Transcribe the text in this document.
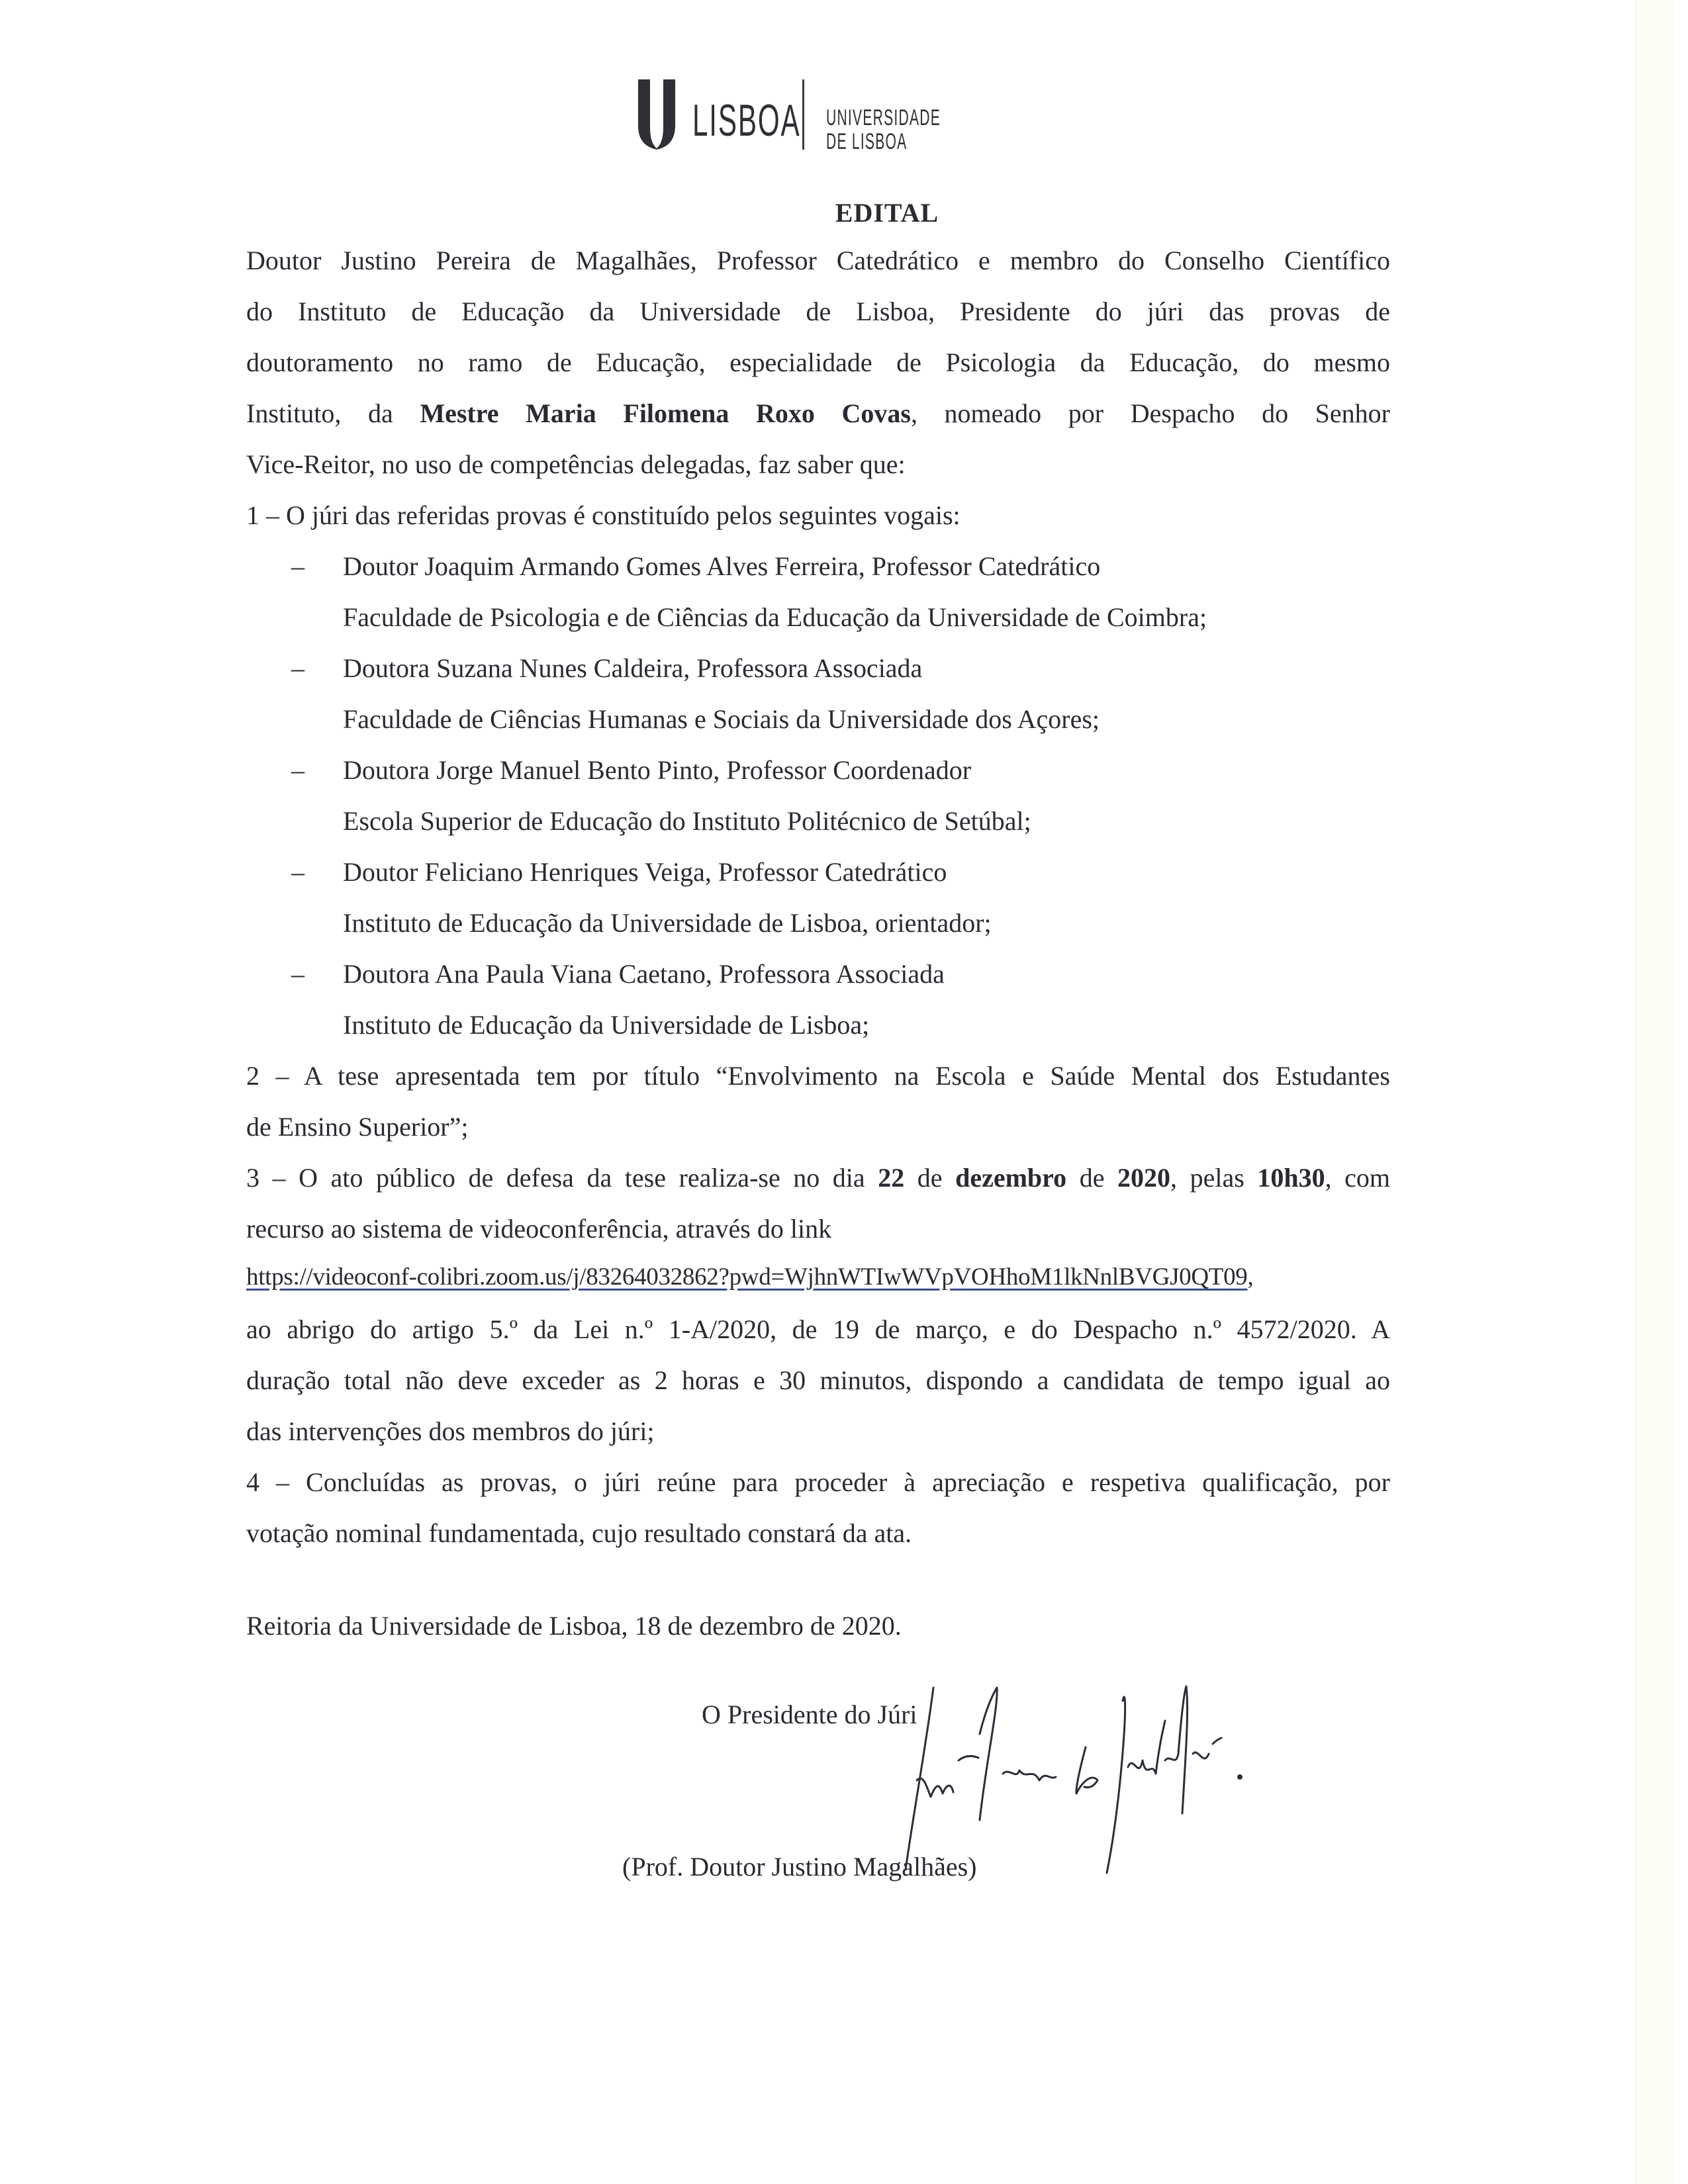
LISBOA UNIVERSIDADE
DE LISBOA
EDITAL
Doutor Justino Pereira de Magalhães, Professor Catedrático e membro do Conselho Científico
do Instituto de Educação da Universidade de Lisboa, Presidente do júri das provas de
doutoramento no ramo de Educação, especialidade de Psicologia da Educação, do mesmo
Instituto, da Mestre Maria Filomena Roxo Covas, nomeado por Despacho do Senhor
Vice-Reitor, no uso de competências delegadas, faz saber que:
1 – O júri das referidas provas é constituído pelos seguintes vogais:
– Doutor Joaquim Armando Gomes Alves Ferreira, Professor Catedrático
Faculdade de Psicologia e de Ciências da Educação da Universidade de Coimbra;
– Doutora Suzana Nunes Caldeira, Professora Associada
Faculdade de Ciências Humanas e Sociais da Universidade dos Açores;
– Doutora Jorge Manuel Bento Pinto, Professor Coordenador
Escola Superior de Educação do Instituto Politécnico de Setúbal;
– Doutor Feliciano Henriques Veiga, Professor Catedrático
Instituto de Educação da Universidade de Lisboa, orientador;
– Doutora Ana Paula Viana Caetano, Professora Associada
Instituto de Educação da Universidade de Lisboa;
2 – A tese apresentada tem por título “Envolvimento na Escola e Saúde Mental dos Estudantes
de Ensino Superior”;
3 – O ato público de defesa da tese realiza-se no dia 22 de dezembro de 2020, pelas 10h30, com
recurso ao sistema de videoconferência, através do link
https://videoconf-colibri.zoom.us/j/83264032862?pwd=WjhnWTIwWVpVOHhoM1lkNnlBVGJ0QT09,
ao abrigo do artigo 5.º da Lei n.º 1-A/2020, de 19 de março, e do Despacho n.º 4572/2020. A
duração total não deve exceder as 2 horas e 30 minutos, dispondo a candidata de tempo igual ao
das intervenções dos membros do júri;
4 – Concluídas as provas, o júri reúne para proceder à apreciação e respetiva qualificação, por
votação nominal fundamentada, cujo resultado constará da ata.
Reitoria da Universidade de Lisboa, 18 de dezembro de 2020.
O Presidente do Júri
(Prof. Doutor Justino Magalhães)
